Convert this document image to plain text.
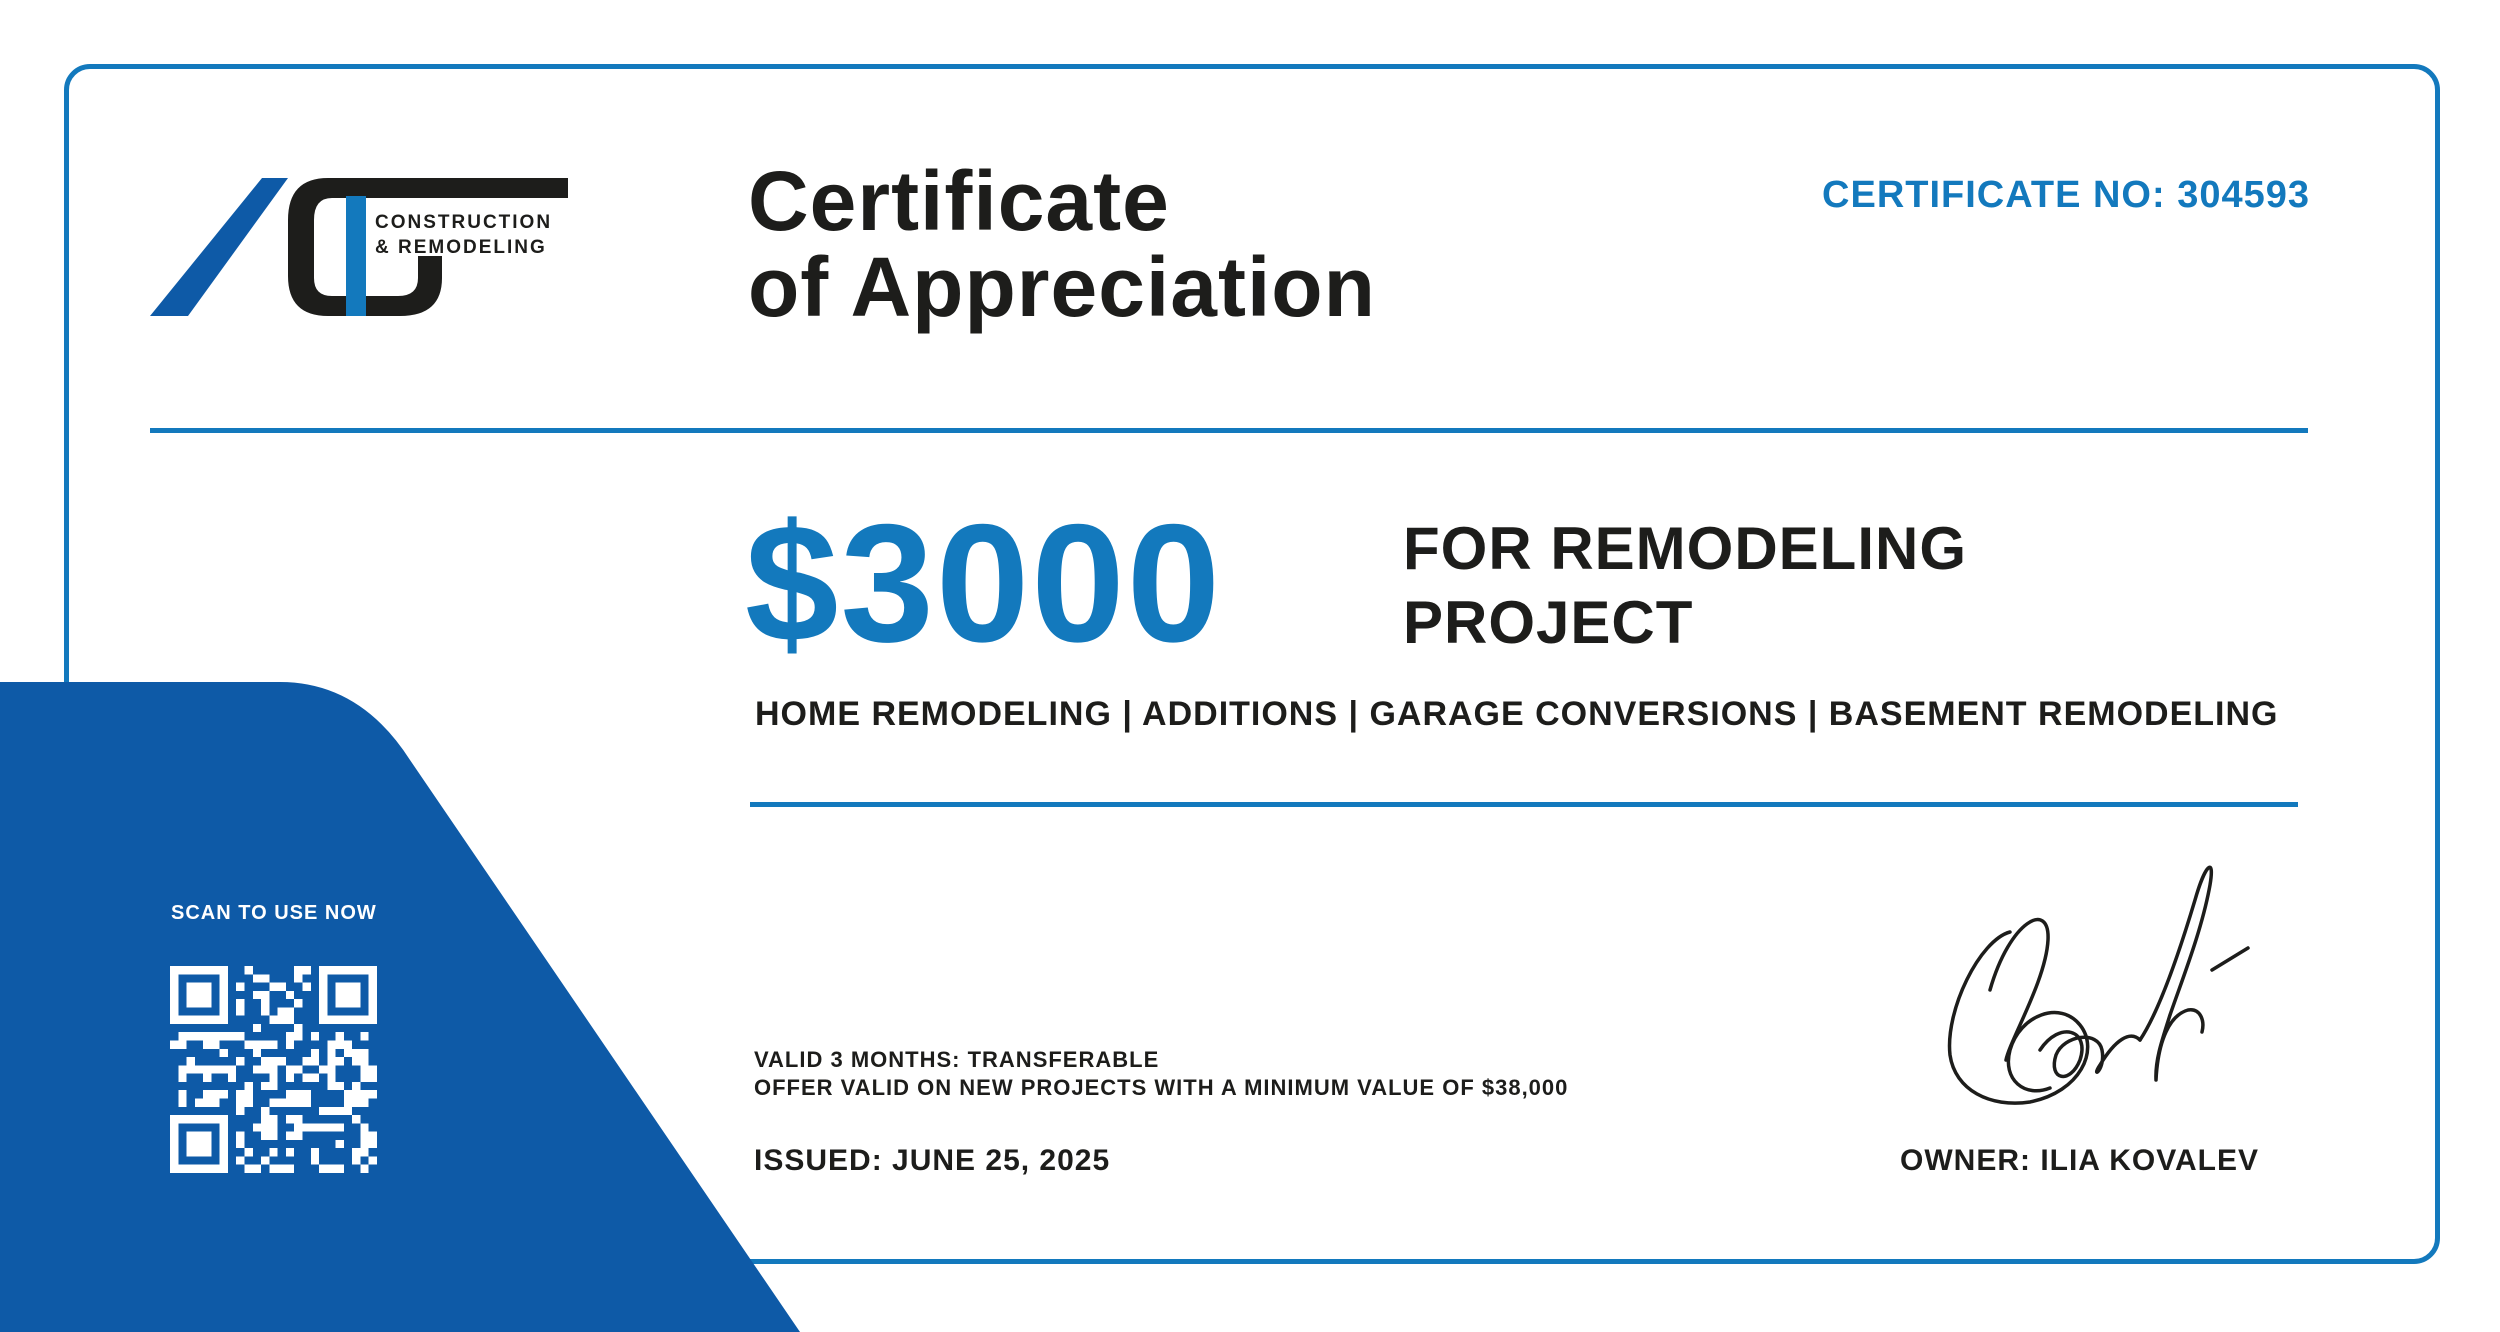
CONSTRUCTION
& REMODELING Certificate
of Appreciation
CERTIFICATE NO: 304593
$3000	FOR REMODELING
PROJECT
HOME REMODELING | ADDITIONS | GARAGE CONVERSIONS | BASEMENT REMODELING
SCAN TO USE NOW
VALID 3 MONTHS: TRANSFERABLE
OFFER VALID ON NEW PROJECTS WITH A MINIMUM VALUE OF $38,000
ISSUED: JUNE 25, 2025	OWNER: ILIA KOVALEV
